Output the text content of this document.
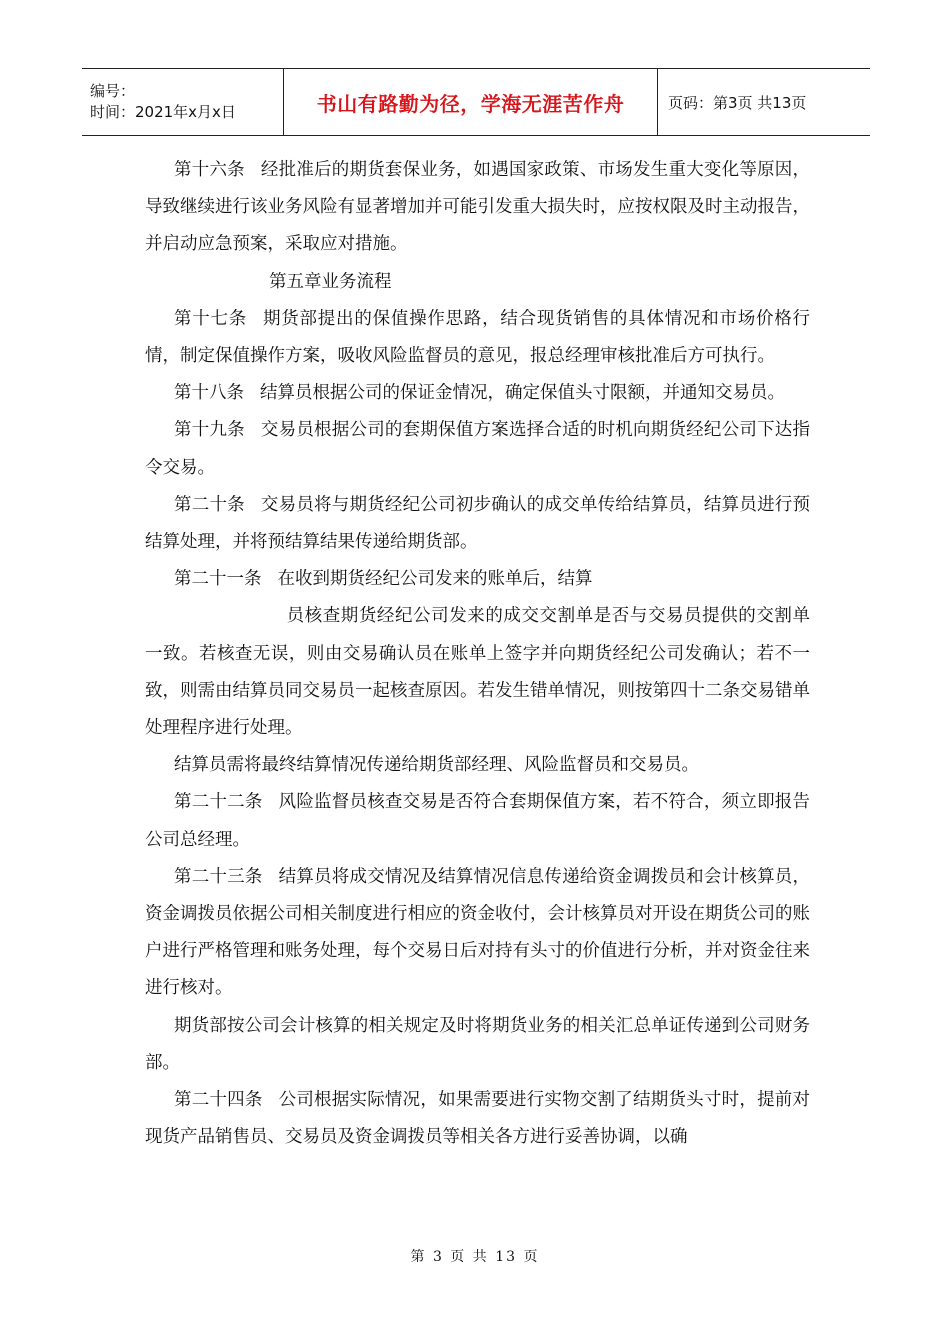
编号：
时间：2021年x月x日	书山有路勤为径，学海无涯苦作舟	页码：第3页 共13页

第十六条 经批准后的期货套保业务，如遇国家政策、市场发生重大变化等原因，导致继续进行该业务风险有显著增加并可能引发重大损失时，应按权限及时主动报告，并启动应急预案，采取应对措施。

第五章业务流程

第十七条 期货部提出的保值操作思路，结合现货销售的具体情况和市场价格行情，制定保值操作方案，吸收风险监督员的意见，报总经理审核批准后方可执行。

第十八条 结算员根据公司的保证金情况，确定保值头寸限额，并通知交易员。

第十九条 交易员根据公司的套期保值方案选择合适的时机向期货经纪公司下达指令交易。

第二十条 交易员将与期货经纪公司初步确认的成交单传给结算员，结算员进行预结算处理，并将预结算结果传递给期货部。

第二十一条 在收到期货经纪公司发来的账单后，结算

员核查期货经纪公司发来的成交交割单是否与交易员提供的交割单一致。若核查无误，则由交易确认员在账单上签字并向期货经纪公司发确认；若不一致，则需由结算员同交易员一起核查原因。若发生错单情况，则按第四十二条交易错单处理程序进行处理。

结算员需将最终结算情况传递给期货部经理、风险监督员和交易员。

第二十二条 风险监督员核查交易是否符合套期保值方案，若不符合，须立即报告公司总经理。

第二十三条 结算员将成交情况及结算情况信息传递给资金调拨员和会计核算员，资金调拨员依据公司相关制度进行相应的资金收付，会计核算员对开设在期货公司的账户进行严格管理和账务处理，每个交易日后对持有头寸的价值进行分析，并对资金往来进行核对。

期货部按公司会计核算的相关规定及时将期货业务的相关汇总单证传递到公司财务部。

第二十四条 公司根据实际情况，如果需要进行实物交割了结期货头寸时，提前对现货产品销售员、交易员及资金调拨员等相关各方进行妥善协调，以确

第 3 页 共 13 页
